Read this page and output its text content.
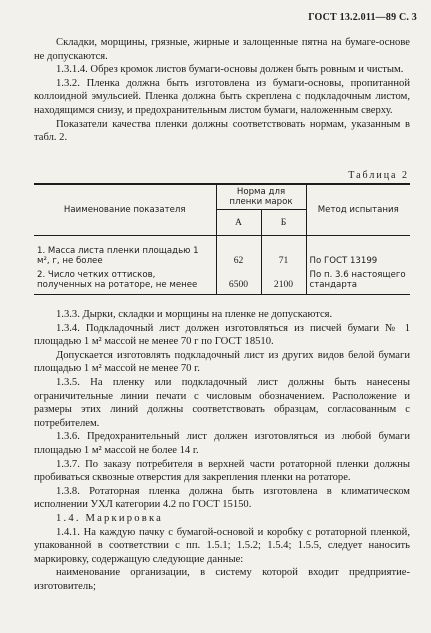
ГОСТ 13.2.011—89 С. 3

Складки, морщины, грязные, жирные и залощенные пятна на бумаге-основе не допускаются.

1.3.1.4. Обрез кромок листов бумаги-основы должен быть ровным и чистым.

1.3.2. Пленка должна быть изготовлена из бумаги-основы, пропитанной коллоидной эмульсией. Пленка должна быть скреплена с подкладочным листом, находящимся снизу, и предохранительным листом бумаги, наложенным сверху.

Показатели качества пленки должны соответствовать нормам, указанным в табл. 2.

Таблица 2
Наименование показателя	Норма для пленки марок		Метод испытания
	А	Б	
1. Масса листа пленки площадью 1 м², г, не более	62	71	По ГОСТ 13199
2. Число четких оттисков, полученных на ротаторе, не менее	6500	2100	По п. 3.6 настоящего стандарта

1.3.3. Дырки, складки и морщины на пленке не допускаются.

1.3.4. Подкладочный лист должен изготовляться из писчей бумаги № 1 площадью 1 м² массой не менее 70 г по ГОСТ 18510.

Допускается изготовлять подкладочный лист из других видов белой бумаги площадью 1 м² массой не менее 70 г.

1.3.5. На пленку или подкладочный лист должны быть нанесены ограничительные линии печати с числовым обозначением. Расположение и размеры этих линий должны соответствовать образцам, согласованным с потребителем.

1.3.6. Предохранительный лист должен изготовляться из любой бумаги площадью 1 м² массой не более 14 г.

1.3.7. По заказу потребителя в верхней части ротаторной пленки должны пробиваться сквозные отверстия для закрепления пленки на ротаторе.

1.3.8. Ротаторная пленка должна быть изготовлена в климатическом исполнении УХЛ категории 4.2 по ГОСТ 15150.

1.4. Маркировка

1.4.1. На каждую пачку с бумагой-основой и коробку с ротаторной пленкой, упакованной в соответствии с пп. 1.5.1; 1.5.2; 1.5.4; 1.5.5, следует наносить маркировку, содержащую следующие данные:

наименование организации, в систему которой входит предприятие-изготовитель;
